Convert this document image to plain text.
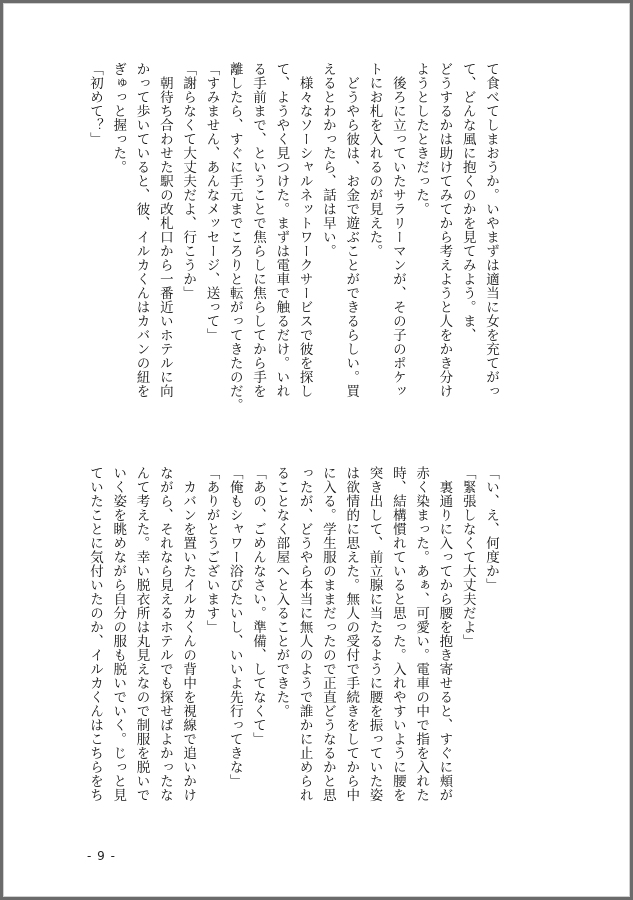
て食べてしまおうか。いやまずは適当に女を充てがっ

て、どんな風に抱くのかを見てみよう。ま、

どうするかは助けてみてから考えようと人をかき分け

ようとしたときだった。

　後ろに立っていたサラリーマンが、その子のポケッ

トにお札を入れるのが見えた。

　どうやら彼は、お金で遊ぶことができるらしい。買

えるとわかったら、話は早い。

　様々なソーシャルネットワークサービスで彼を探し

て、ようやく見つけた。まずは電車で触るだけ。いれ

る手前まで、ということで焦らしに焦らしてから手を

離したら、すぐに手元までころりと転がってきたのだ。

「すみません、あんなメッセージ、送って」

「謝らなくて大丈夫だよ、行こうか」

　朝待ち合わせた駅の改札口から一番近いホテルに向

かって歩いていると、彼、イルカくんはカバンの紐を

ぎゅっと握った。

「初めて？」

「い、え、何度か」

「緊張しなくて大丈夫だよ」

　裏通りに入ってから腰を抱き寄せると、すぐに頬が

赤く染まった。あぁ、可愛い。電車の中で指を入れた

時、結構慣れていると思った。入れやすいように腰を

突き出して、前立腺に当たるように腰を振っていた姿

は欲情的に思えた。無人の受付で手続きをしてから中

に入る。学生服のままだったので正直どうなるかと思

ったが、どうやら本当に無人のようで誰かに止められ

ることなく部屋へと入ることができた。

「あの、ごめんなさい。準備、してなくて」

「俺もシャワー浴びたいし、いいよ先行ってきな」

「ありがとうございます」

　カバンを置いたイルカくんの背中を視線で追いかけ

ながら、それなら見えるホテルでも探せばよかったな

んて考えた。幸い脱衣所は丸見えなので制服を脱いで

いく姿を眺めながら自分の服も脱いでいく。じっと見

ていたことに気付いたのか、イルカくんはこちらをち

- 9 -
